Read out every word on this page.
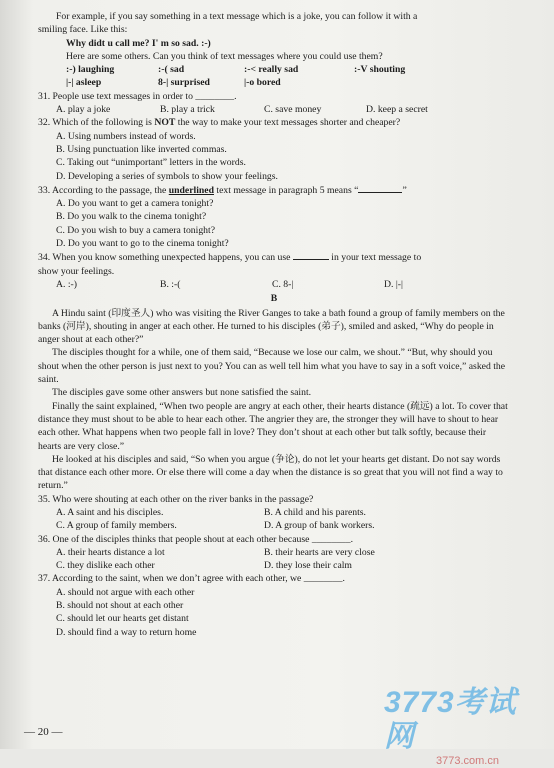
For example, if you say something in a text message which is a joke, you can follow it with a
smiling face. Like this:
Why didt u call me? I' m so sad. :-)
Here are some others. Can you think of text messages where you could use them?
:-) laughing	:-( sad	:-< really sad	:-V shouting
|-| asleep	8-| surprised	|-o bored
31. People use text messages in order to ________.
A. play a joke	B. play a trick	C. save money	D. keep a secret
32. Which of the following is NOT the way to make your text messages shorter and cheaper?
A. Using numbers instead of words.
B. Using punctuation like inverted commas.
C. Taking out “unimportant” letters in the words.
D. Developing a series of symbols to show your feelings.
33. According to the passage, the underlined text message in paragraph 5 means “	”
A. Do you want to get a camera tonight?
B. Do you walk to the cinema tonight?
C. Do you wish to buy a camera tonight?
D. Do you want to go to the cinema tonight?
34. When you know something unexpected happens, you can use	in your text message to
show your feelings.
A. :-)	B. :-(	C. 8-|	D. |-|
B
A Hindu saint (印度圣人) who was visiting the River Ganges to take a bath found a group of family members on the banks (河岸), shouting in anger at each other. He turned to his disciples (弟子), smiled and asked, “Why do people in anger shout at each other?”
The disciples thought for a while, one of them said, “Because we lose our calm, we shout.” “But, why should you shout when the other person is just next to you? You can as well tell him what you have to say in a soft voice,” asked the saint.
The disciples gave some other answers but none satisfied the saint.
Finally the saint explained, “When two people are angry at each other, their hearts distance (疏远) a lot. To cover that distance they must shout to be able to hear each other. The angrier they are, the stronger they will have to shout to hear each other. What happens when two people fall in love? They don’t shout at each other but talk softly, because their hearts are very close.”
He looked at his disciples and said, “So when you argue (争论), do not let your hearts get distant. Do not say words that distance each other more. Or else there will come a day when the distance is so great that you will not find a way to return.”
35. Who were shouting at each other on the river banks in the passage?
A. A saint and his disciples.	B. A child and his parents.
C. A group of family members.	D. A group of bank workers.
36. One of the disciples thinks that people shout at each other because ________.
A. their hearts distance a lot	B. their hearts are very close
C. they dislike each other	D. they lose their calm
37. According to the saint, when we don’t agree with each other, we ________.
A. should not argue with each other
B. should not shout at each other
C. should let our hearts get distant
D. should find a way to return home
— 20 —
3773考试网
3773.com.cn
